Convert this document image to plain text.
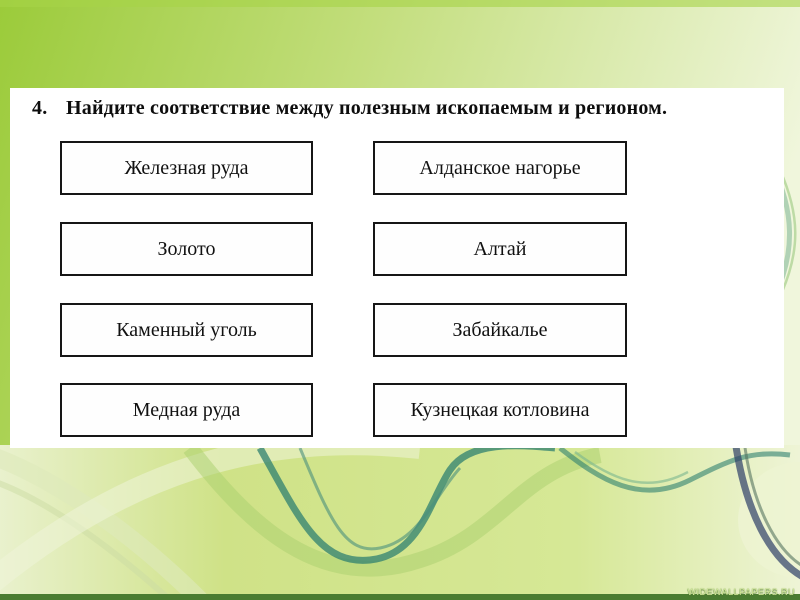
4. Найдите соответствие между полезным ископаемым и регионом.
Железная руда
Золото
Каменный уголь
Медная руда
Алданское нагорье
Алтай
Забайкалье
Кузнецкая котловина
WIDEWALLPAPERS.RU
